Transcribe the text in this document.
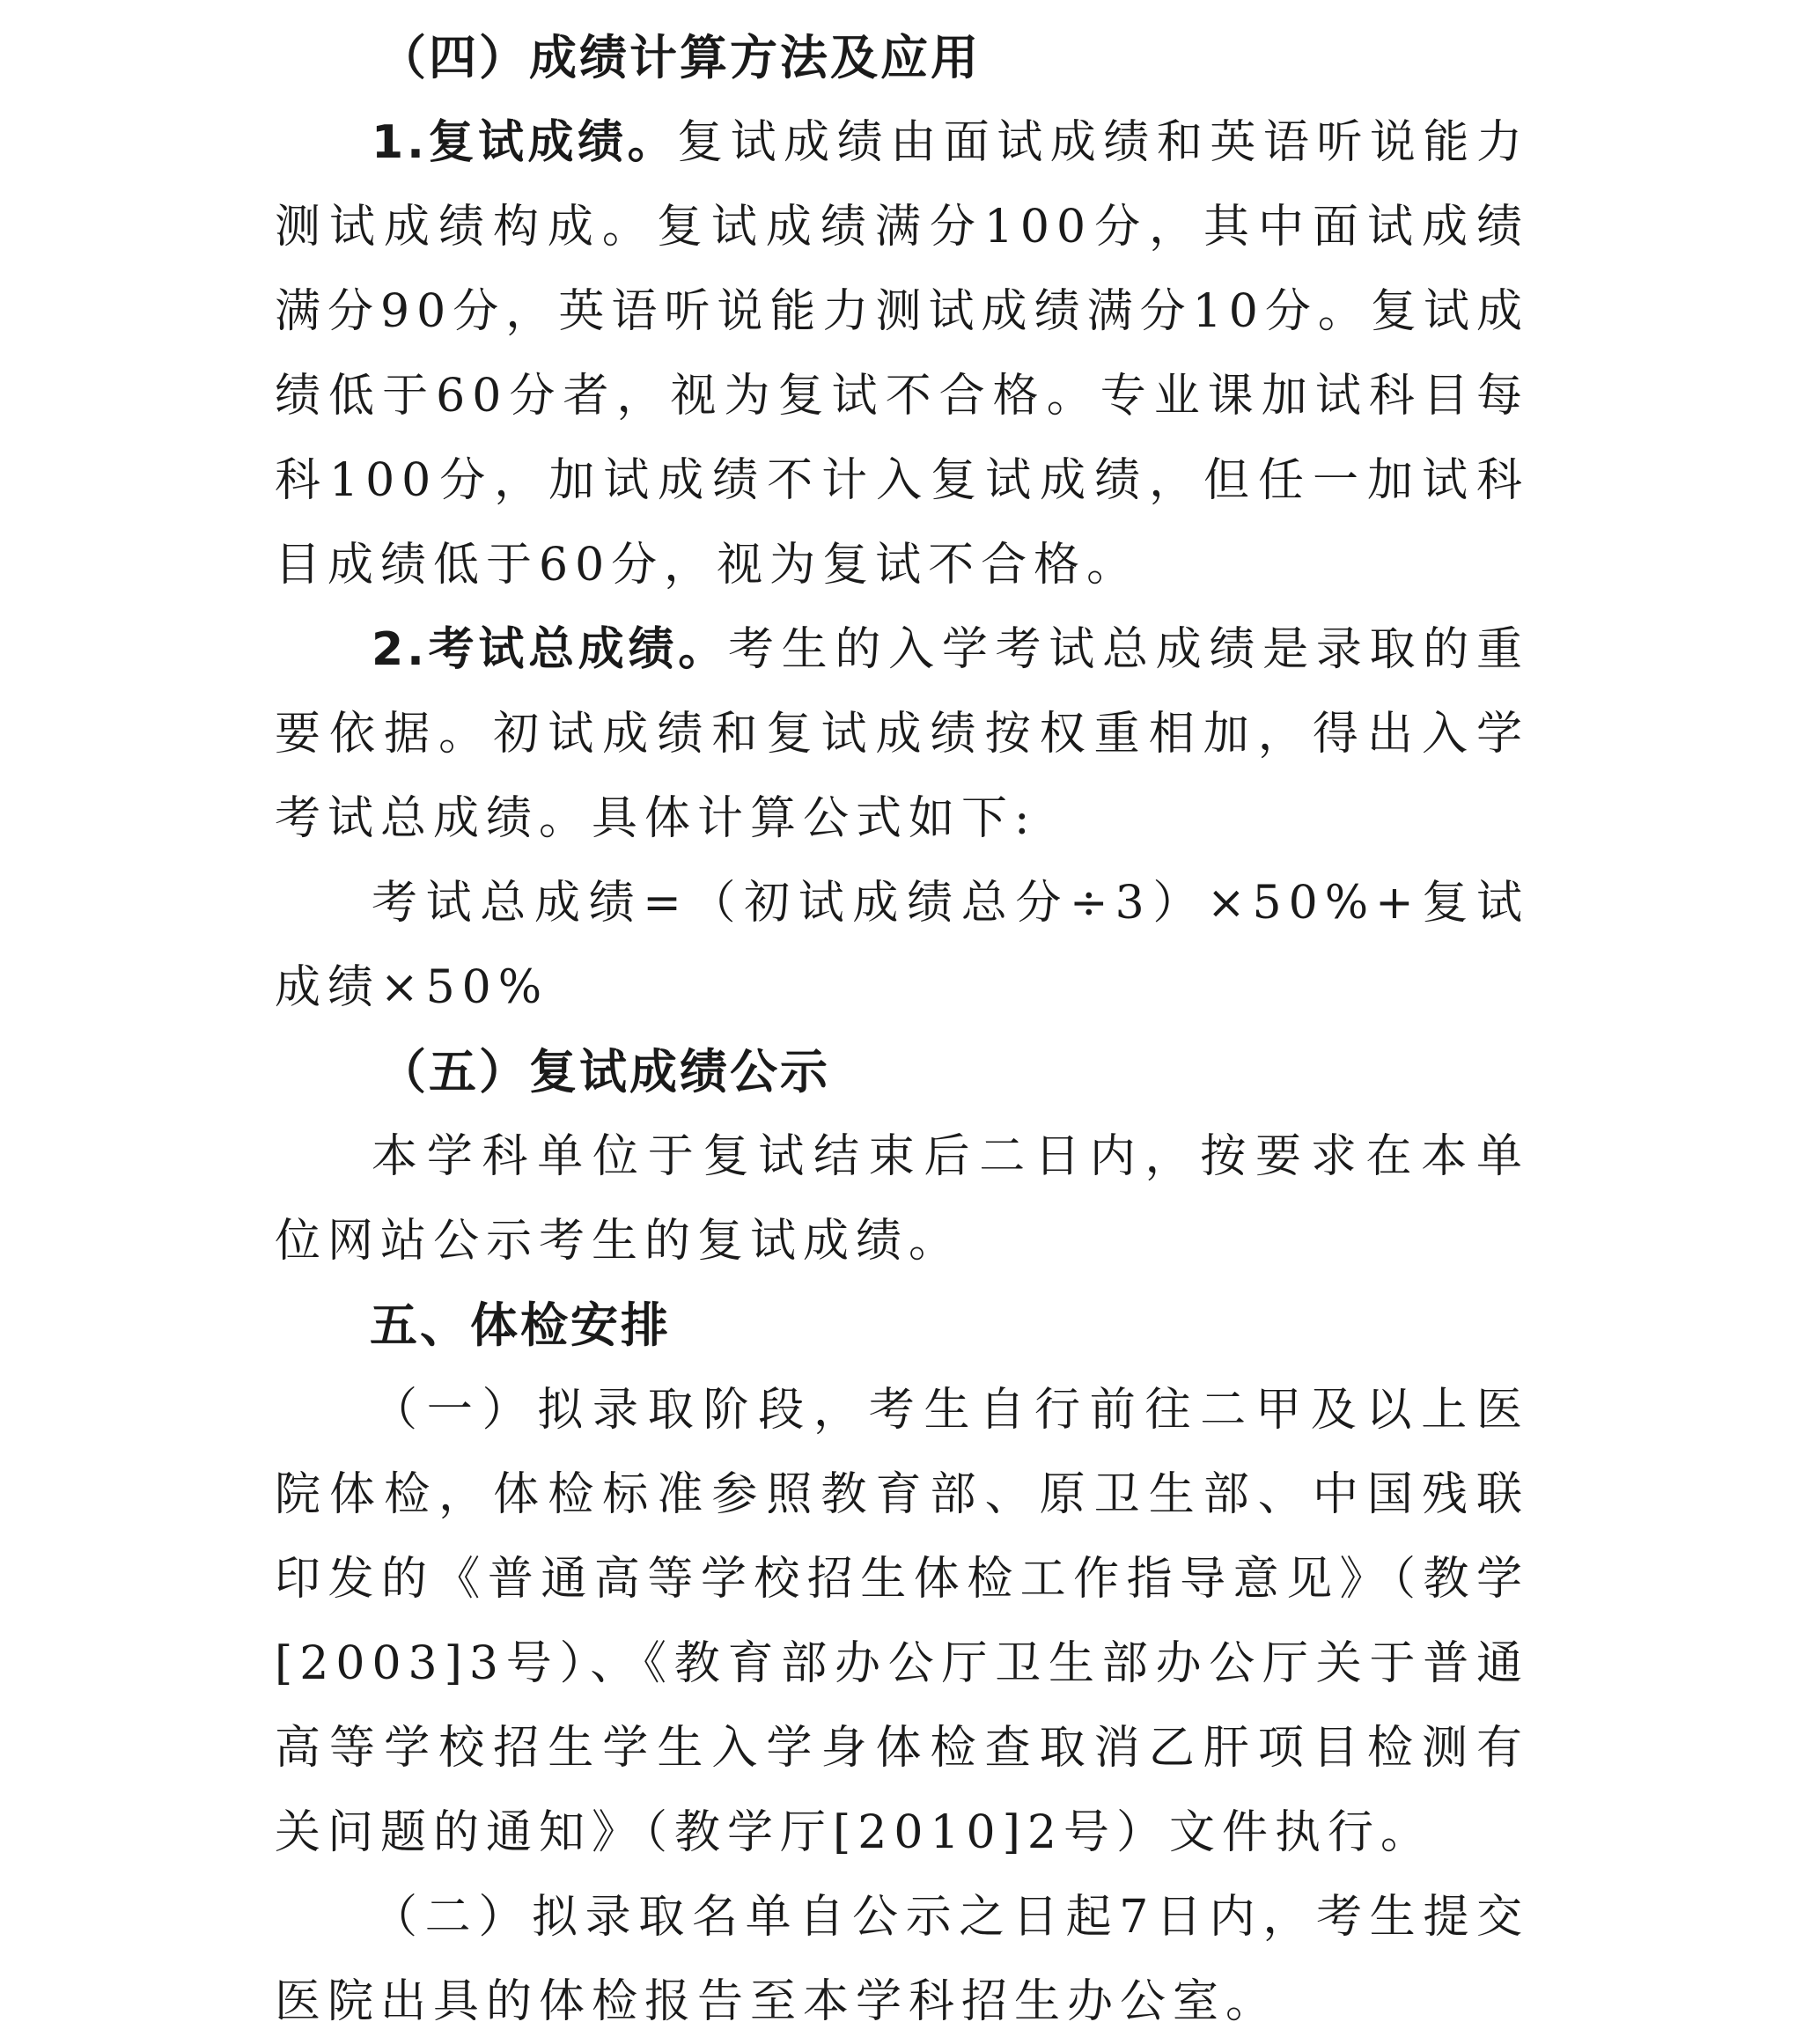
（四）成绩计算方法及应用

1.复试成绩。复试成绩由面试成绩和英语听说能力测试成绩构成。复试成绩满分100分，其中面试成绩满分90分，英语听说能力测试成绩满分10分。复试成绩低于60分者，视为复试不合格。专业课加试科目每科100分，加试成绩不计入复试成绩，但任一加试科目成绩低于60分，视为复试不合格。

2.考试总成绩。考生的入学考试总成绩是录取的重要依据。初试成绩和复试成绩按权重相加，得出入学考试总成绩。具体计算公式如下:

考试总成绩=（初试成绩总分÷3）×50%+复试成绩×50%

（五）复试成绩公示

本学科单位于复试结束后二日内，按要求在本单位网站公示考生的复试成绩。

五、体检安排

（一）拟录取阶段，考生自行前往二甲及以上医院体检，体检标准参照教育部、原卫生部、中国残联印发的《普通高等学校招生体检工作指导意见》（教学[2003]3号）、《教育部办公厅卫生部办公厅关于普通高等学校招生学生入学身体检查取消乙肝项目检测有关问题的通知》（教学厅[2010]2号）文件执行。

（二）拟录取名单自公示之日起7日内，考生提交医院出具的体检报告至本学科招生办公室。
